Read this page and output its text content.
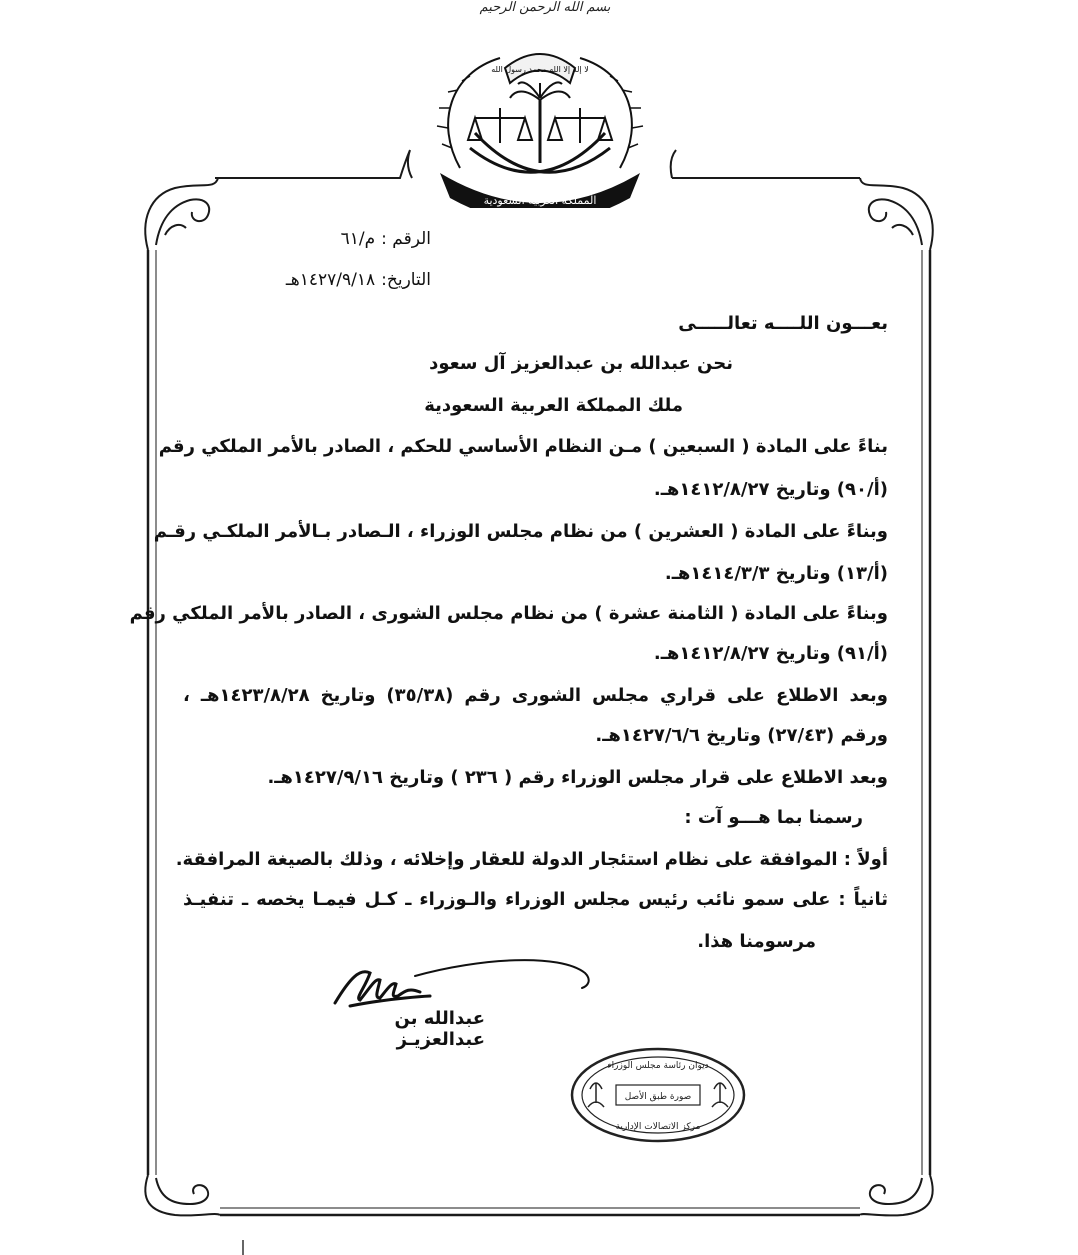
بسم الله الرحمن الرحيم
المملكة العربية السعودية
لا إله إلا الله محمد رسول الله
الرقم :م/٦١
التاريخ:١٤٢٧/٩/١٨هـ
بعـــون اللــــه تعالـــــى
نحن عبدالله بن عبدالعزيز آل سعود
ملك المملكة العربية السعودية
بناءً على المادة ( السبعين ) مـن النظام الأساسي للحكم ، الصادر بالأمر الملكي رقم
(أ/٩٠) وتاريخ ١٤١٢/٨/٢٧هـ.
وبناءً على المادة ( العشرين ) من نظام مجلس الوزراء ، الـصادر بـالأمر الملكـي رقـم
(أ/١٣) وتاريخ ١٤١٤/٣/٣هـ.
وبناءً على المادة ( الثامنة عشرة ) من نظام مجلس الشورى ، الصادر بالأمر الملكي رقم
(أ/٩١) وتاريخ ١٤١٢/٨/٢٧هـ.
وبعد الاطلاع على قراري مجلس الشورى رقم (٣٥/٣٨) وتاريخ ١٤٢٣/٨/٢٨هـ ،
ورقم (٢٧/٤٣) وتاريخ ١٤٢٧/٦/٦هـ.
وبعد الاطلاع على قرار مجلس الوزراء رقم ( ٢٣٦ ) وتاريخ ١٤٢٧/٩/١٦هـ.
رسمنا بما هـــو آت :
أولاً : الموافقة على نظام استئجار الدولة للعقار وإخلائه ، وذلك بالصيغة المرافقة.
ثانياً : على سمو نائب رئيس مجلس الوزراء والـوزراء ـ كـل فيمـا يخصه ـ تنفيـذ
مرسومنا هذا.
عبدالله بن عبدالعزيـز
ديوان رئاسة مجلس الوزراء
صورة طبق الأصل
مركز الاتصالات الإدارية
